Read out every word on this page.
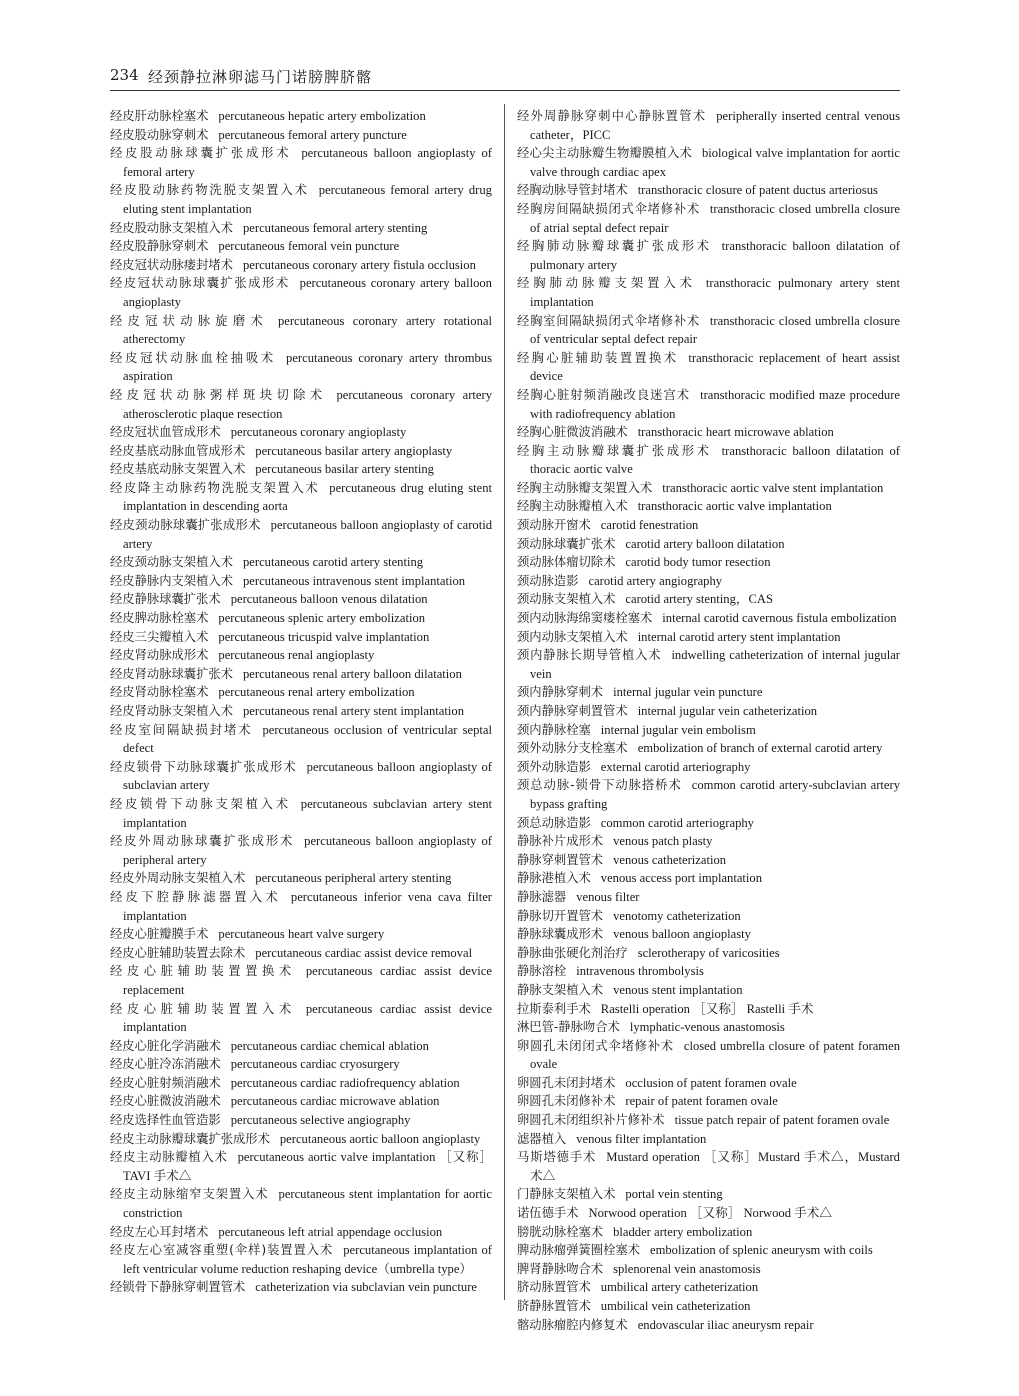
234 经颈静拉淋卵滤马门诺膀脾脐髂
经皮肝动脉栓塞术 percutaneous hepatic artery embolization
经皮股动脉穿刺术 percutaneous femoral artery puncture
经皮股动脉球囊扩张成形术 percutaneous balloon angioplasty of femoral artery
经皮股动脉药物洗脱支架置入术 percutaneous femoral artery drug eluting stent implantation
经皮股动脉支架植入术 percutaneous femoral artery stenting
经皮股静脉穿刺术 percutaneous femoral vein puncture
经皮冠状动脉瘘封堵术 percutaneous coronary artery fistula occlusion
经皮冠状动脉球囊扩张成形术 percutaneous coronary artery balloon angioplasty
经皮冠状动脉旋磨术 percutaneous coronary artery rotational atherectomy
经皮冠状动脉血栓抽吸术 percutaneous coronary artery thrombus aspiration
经皮冠状动脉粥样斑块切除术 percutaneous coronary artery atherosclerotic plaque resection
经皮冠状血管成形术 percutaneous coronary angioplasty
经皮基底动脉血管成形术 percutaneous basilar artery angioplasty
经皮基底动脉支架置入术 percutaneous basilar artery stenting
经皮降主动脉药物洗脱支架置入术 percutaneous drug eluting stent implantation in descending aorta
经皮颈动脉球囊扩张成形术 percutaneous balloon angioplasty of carotid artery
经皮颈动脉支架植入术 percutaneous carotid artery stenting
经皮静脉内支架植入术 percutaneous intravenous stent implantation
经皮静脉球囊扩张术 percutaneous balloon venous dilatation
经皮脾动脉栓塞术 percutaneous splenic artery embolization
经皮三尖瓣植入术 percutaneous tricuspid valve implantation
经皮肾动脉成形术 percutaneous renal angioplasty
经皮肾动脉球囊扩张术 percutaneous renal artery balloon dilatation
经皮肾动脉栓塞术 percutaneous renal artery embolization
经皮肾动脉支架植入术 percutaneous renal artery stent implantation
经皮室间隔缺损封堵术 percutaneous occlusion of ventricular septal defect
经皮锁骨下动脉球囊扩张成形术 percutaneous balloon angioplasty of subclavian artery
经皮锁骨下动脉支架植入术 percutaneous subclavian artery stent implantation
经皮外周动脉球囊扩张成形术 percutaneous balloon angioplasty of peripheral artery
经皮外周动脉支架植入术 percutaneous peripheral artery stenting
经皮下腔静脉滤器置入术 percutaneous inferior vena cava filter implantation
经皮心脏瓣膜手术 percutaneous heart valve surgery
经皮心脏辅助装置去除术 percutaneous cardiac assist device removal
经皮心脏辅助装置置换术 percutaneous cardiac assist device replacement
经皮心脏辅助装置置入术 percutaneous cardiac assist device implantation
经皮心脏化学消融术 percutaneous cardiac chemical ablation
经皮心脏冷冻消融术 percutaneous cardiac cryosurgery
经皮心脏射频消融术 percutaneous cardiac radiofrequency ablation
经皮心脏微波消融术 percutaneous cardiac microwave ablation
经皮选择性血管造影 percutaneous selective angiography
经皮主动脉瓣球囊扩张成形术 percutaneous aortic balloon angioplasty
经皮主动脉瓣植入术 percutaneous aortic valve implantation ［又称］TAVI 手术△
经皮主动脉缩窄支架置入术 percutaneous stent implantation for aortic constriction
经皮左心耳封堵术 percutaneous left atrial appendage occlusion
经皮左心室减容重塑(伞样)装置置入术 percutaneous implantation of left ventricular volume reduction reshaping device（umbrella type）
经锁骨下静脉穿刺置管术 catheterization via subclavian vein puncture
经外周静脉穿刺中心静脉置管术 peripherally inserted central venous catheter，PICC
经心尖主动脉瓣生物瓣膜植入术 biological valve implantation for aortic valve through cardiac apex
经胸动脉导管封堵术 transthoracic closure of patent ductus arteriosus
经胸房间隔缺损闭式伞堵修补术 transthoracic closed umbrella closure of atrial septal defect repair
经胸肺动脉瓣球囊扩张成形术 transthoracic balloon dilatation of pulmonary artery
经胸肺动脉瓣支架置入术 transthoracic pulmonary artery stent implantation
经胸室间隔缺损闭式伞堵修补术 transthoracic closed umbrella closure of ventricular septal defect repair
经胸心脏辅助装置置换术 transthoracic replacement of heart assist device
经胸心脏射频消融改良迷宫术 transthoracic modified maze procedure with radiofrequency ablation
经胸心脏微波消融术 transthoracic heart microwave ablation
经胸主动脉瓣球囊扩张成形术 transthoracic balloon dilatation of thoracic aortic valve
经胸主动脉瓣支架置入术 transthoracic aortic valve stent implantation
经胸主动脉瓣植入术 transthoracic aortic valve implantation
颈动脉开窗术 carotid fenestration
颈动脉球囊扩张术 carotid artery balloon dilatation
颈动脉体瘤切除术 carotid body tumor resection
颈动脉造影 carotid artery angiography
颈动脉支架植入术 carotid artery stenting，CAS
颈内动脉海绵窦瘘栓塞术 internal carotid cavernous fistula embolization
颈内动脉支架植入术 internal carotid artery stent implantation
颈内静脉长期导管植入术 indwelling catheterization of internal jugular vein
颈内静脉穿刺术 internal jugular vein puncture
颈内静脉穿刺置管术 internal jugular vein catheterization
颈内静脉栓塞 internal jugular vein embolism
颈外动脉分支栓塞术 embolization of branch of external carotid artery
颈外动脉造影 external carotid arteriography
颈总动脉-锁骨下动脉搭桥术 common carotid artery-subclavian artery bypass grafting
颈总动脉造影 common carotid arteriography
静脉补片成形术 venous patch plasty
静脉穿刺置管术 venous catheterization
静脉港植入术 venous access port implantation
静脉滤器 venous filter
静脉切开置管术 venotomy catheterization
静脉球囊成形术 venous balloon angioplasty
静脉曲张硬化剂治疗 sclerotherapy of varicosities
静脉溶栓 intravenous thrombolysis
静脉支架植入术 venous stent implantation
拉斯泰利手术 Rastelli operation ［又称］ Rastelli 手术
淋巴管-静脉吻合术 lymphatic-venous anastomosis
卵圆孔未闭闭式伞堵修补术 closed umbrella closure of patent foramen ovale
卵圆孔未闭封堵术 occlusion of patent foramen ovale
卵圆孔未闭修补术 repair of patent foramen ovale
卵圆孔未闭组织补片修补术 tissue patch repair of patent foramen ovale
滤器植入 venous filter implantation
马斯塔德手术 Mustard operation ［又称］Mustard 手术△，Mustard 术△
门静脉支架植入术 portal vein stenting
诺伍德手术 Norwood operation ［又称］ Norwood 手术△
膀胱动脉栓塞术 bladder artery embolization
脾动脉瘤弹簧圈栓塞术 embolization of splenic aneurysm with coils
脾肾静脉吻合术 splenorenal vein anastomosis
脐动脉置管术 umbilical artery catheterization
脐静脉置管术 umbilical vein catheterization
髂动脉瘤腔内修复术 endovascular iliac aneurysm repair
